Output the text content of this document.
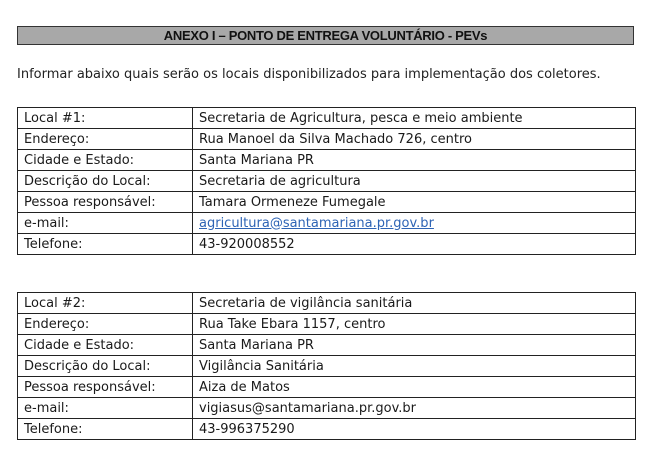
ANEXO I – PONTO DE ENTREGA VOLUNTÁRIO - PEVs
Informar abaixo quais serão os locais disponibilizados para implementação dos coletores.
Local #1:	Secretaria de Agricultura, pesca e meio ambiente
Endereço:	Rua Manoel da Silva Machado 726, centro
Cidade e Estado:	Santa Mariana PR
Descrição do Local:	Secretaria de agricultura
Pessoa responsável:	Tamara Ormeneze Fumegale
e-mail:	agricultura@santamariana.pr.gov.br
Telefone:	43-920008552
Local #2:	Secretaria de vigilância sanitária
Endereço:	Rua Take Ebara 1157, centro
Cidade e Estado:	Santa Mariana PR
Descrição do Local:	Vigilância Sanitária
Pessoa responsável:	Aiza de Matos
e-mail:	vigiasus@santamariana.pr.gov.br
Telefone:	43-996375290
